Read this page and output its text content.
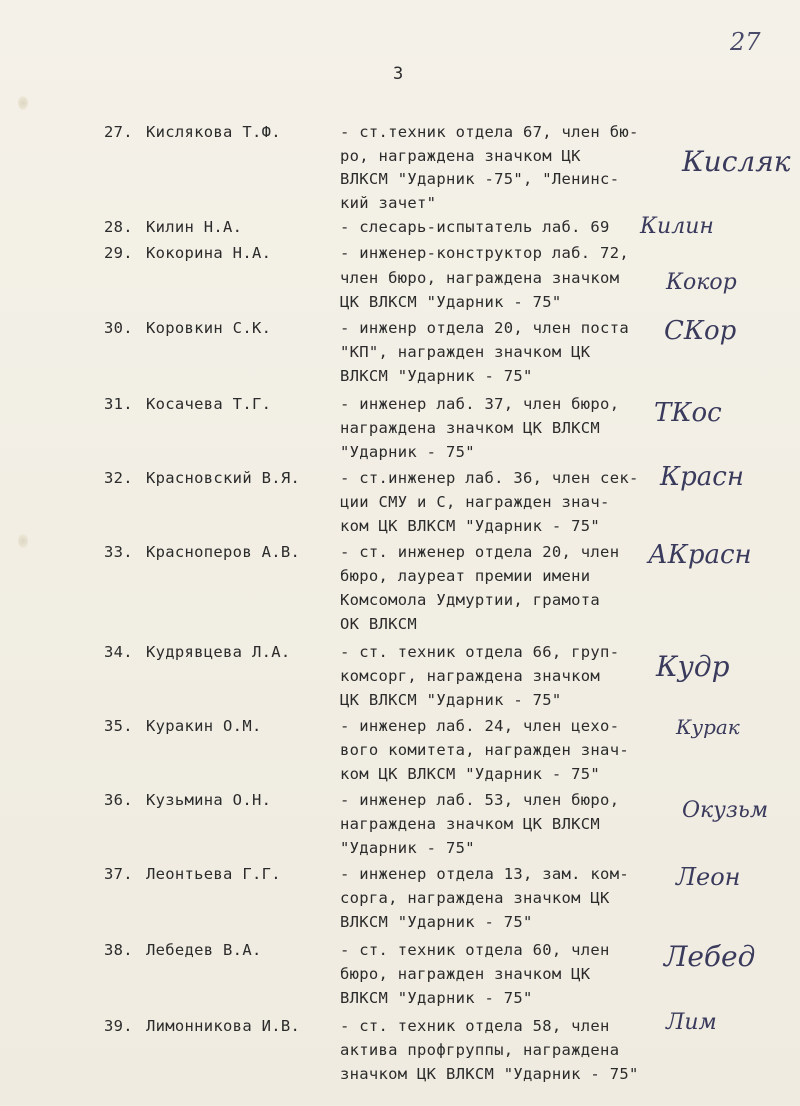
27
3
27. Кислякова Т.Ф.	- ст.техник отдела 67, член бю-
ро, награждена значком ЦК
ВЛКСМ "Ударник -75", "Ленинс-
кий зачет"
Кисляк
28. Килин Н.А.	- слесарь-испытатель лаб. 69 Килин
29. Кокорина Н.А.	- инженер-конструктор лаб. 72,
член бюро, награждена значком
ЦК ВЛКСМ "Ударник - 75"
Кокор
30. Коровкин С.К.	- инженр отдела 20, член поста
"КП", награжден значком ЦК
ВЛКСМ "Ударник - 75"
СКор
31. Косачева Т.Г.	- инженер лаб. 37, член бюро,
награждена значком ЦК ВЛКСМ
"Ударник - 75"
ТКос
32. Красновский В.Я.	- ст.инженер лаб. 36, член сек-
ции СМУ и С, награжден знач-
ком ЦК ВЛКСМ "Ударник - 75"
Красн
33. Красноперов А.В.	- ст. инженер отдела 20, член
бюро, лауреат премии имени
Комсомола Удмуртии, грамота
ОК ВЛКСМ
АКрасн
34. Кудрявцева Л.А.	- ст. техник отдела 66, груп-
комсорг, награждена значком
ЦК ВЛКСМ "Ударник - 75"
Кудр
35. Куракин О.М.	- инженер лаб. 24, член цехо-
вого комитета, награжден знач-
ком ЦК ВЛКСМ "Ударник - 75"
Курак
36. Кузьмина О.Н.	- инженер лаб. 53, член бюро,
награждена значком ЦК ВЛКСМ
"Ударник - 75"
Окузьм
37. Леонтьева Г.Г.	- инженер отдела 13, зам. ком-
сорга, награждена значком ЦК
ВЛКСМ "Ударник - 75"
Леон
38. Лебедев В.А.	- ст. техник отдела 60, член
бюро, награжден значком ЦК
ВЛКСМ "Ударник - 75"
Лебед
39. Лимонникова И.В.	- ст. техник отдела 58, член
актива профгруппы, награждена
значком ЦК ВЛКСМ "Ударник - 75"
Лим
